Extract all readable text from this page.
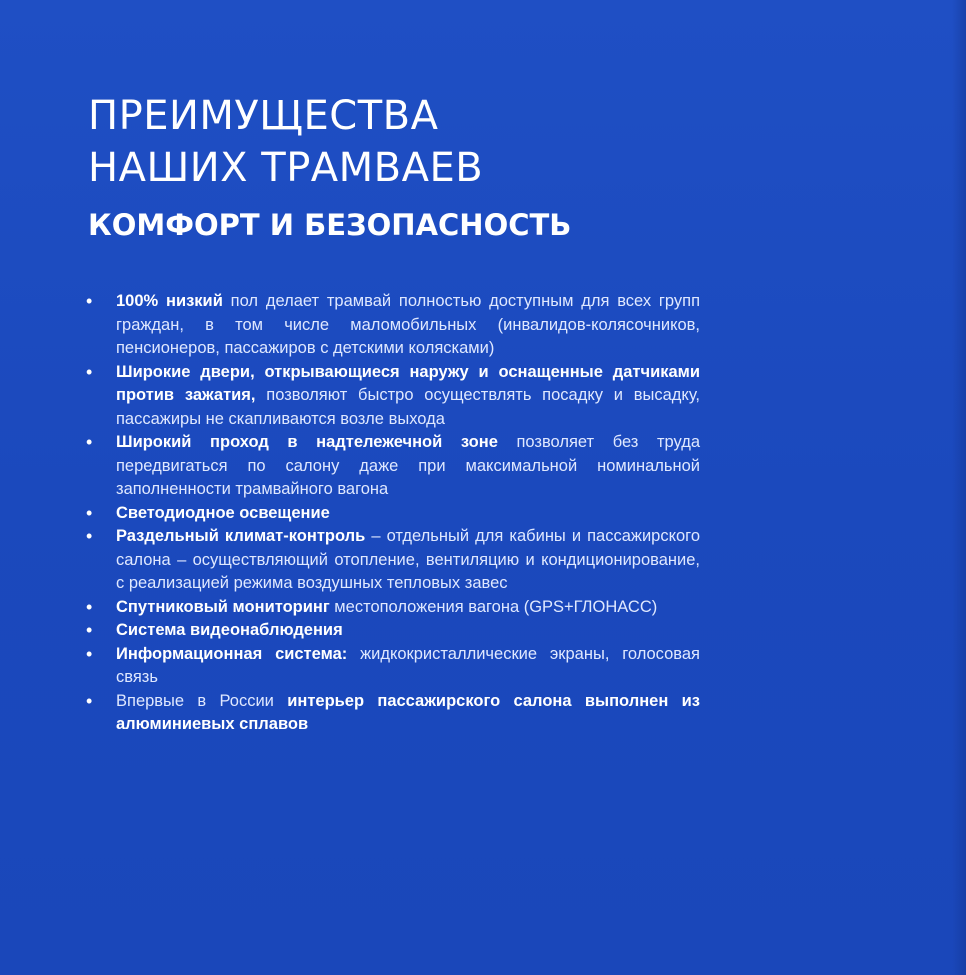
ПРЕИМУЩЕСТВА
НАШИХ ТРАМВАЕВ
КОМФОРТ И БЕЗОПАСНОСТЬ
•	100% низкий пол делает трамвай полностью доступным для всех групп граждан, в том числе маломобильных (инвалидов-колясочников, пенсионеров, пассажиров с детскими колясками)
•	Широкие двери, открывающиеся наружу и оснащенные датчиками против зажатия, позволяют быстро осуществлять посадку и высадку, пассажиры не скапливаются возле выхода
•	Широкий проход в надтележечной зоне позволяет без труда передвигаться по салону даже при максимальной номинальной заполненности трамвайного вагона
•	Светодиодное освещение
•	Раздельный климат-контроль – отдельный для кабины и пассажирского салона – осуществляющий отопление, вентиляцию и кондиционирование, с реализацией режима воздушных тепловых завес
•	Спутниковый мониторинг местоположения вагона (GPS+ГЛОНАСС)
•	Система видеонаблюдения
•	Информационная система: жидкокристаллические экраны, голосовая связь
•	Впервые в России интерьер пассажирского салона выполнен из алюминиевых сплавов
